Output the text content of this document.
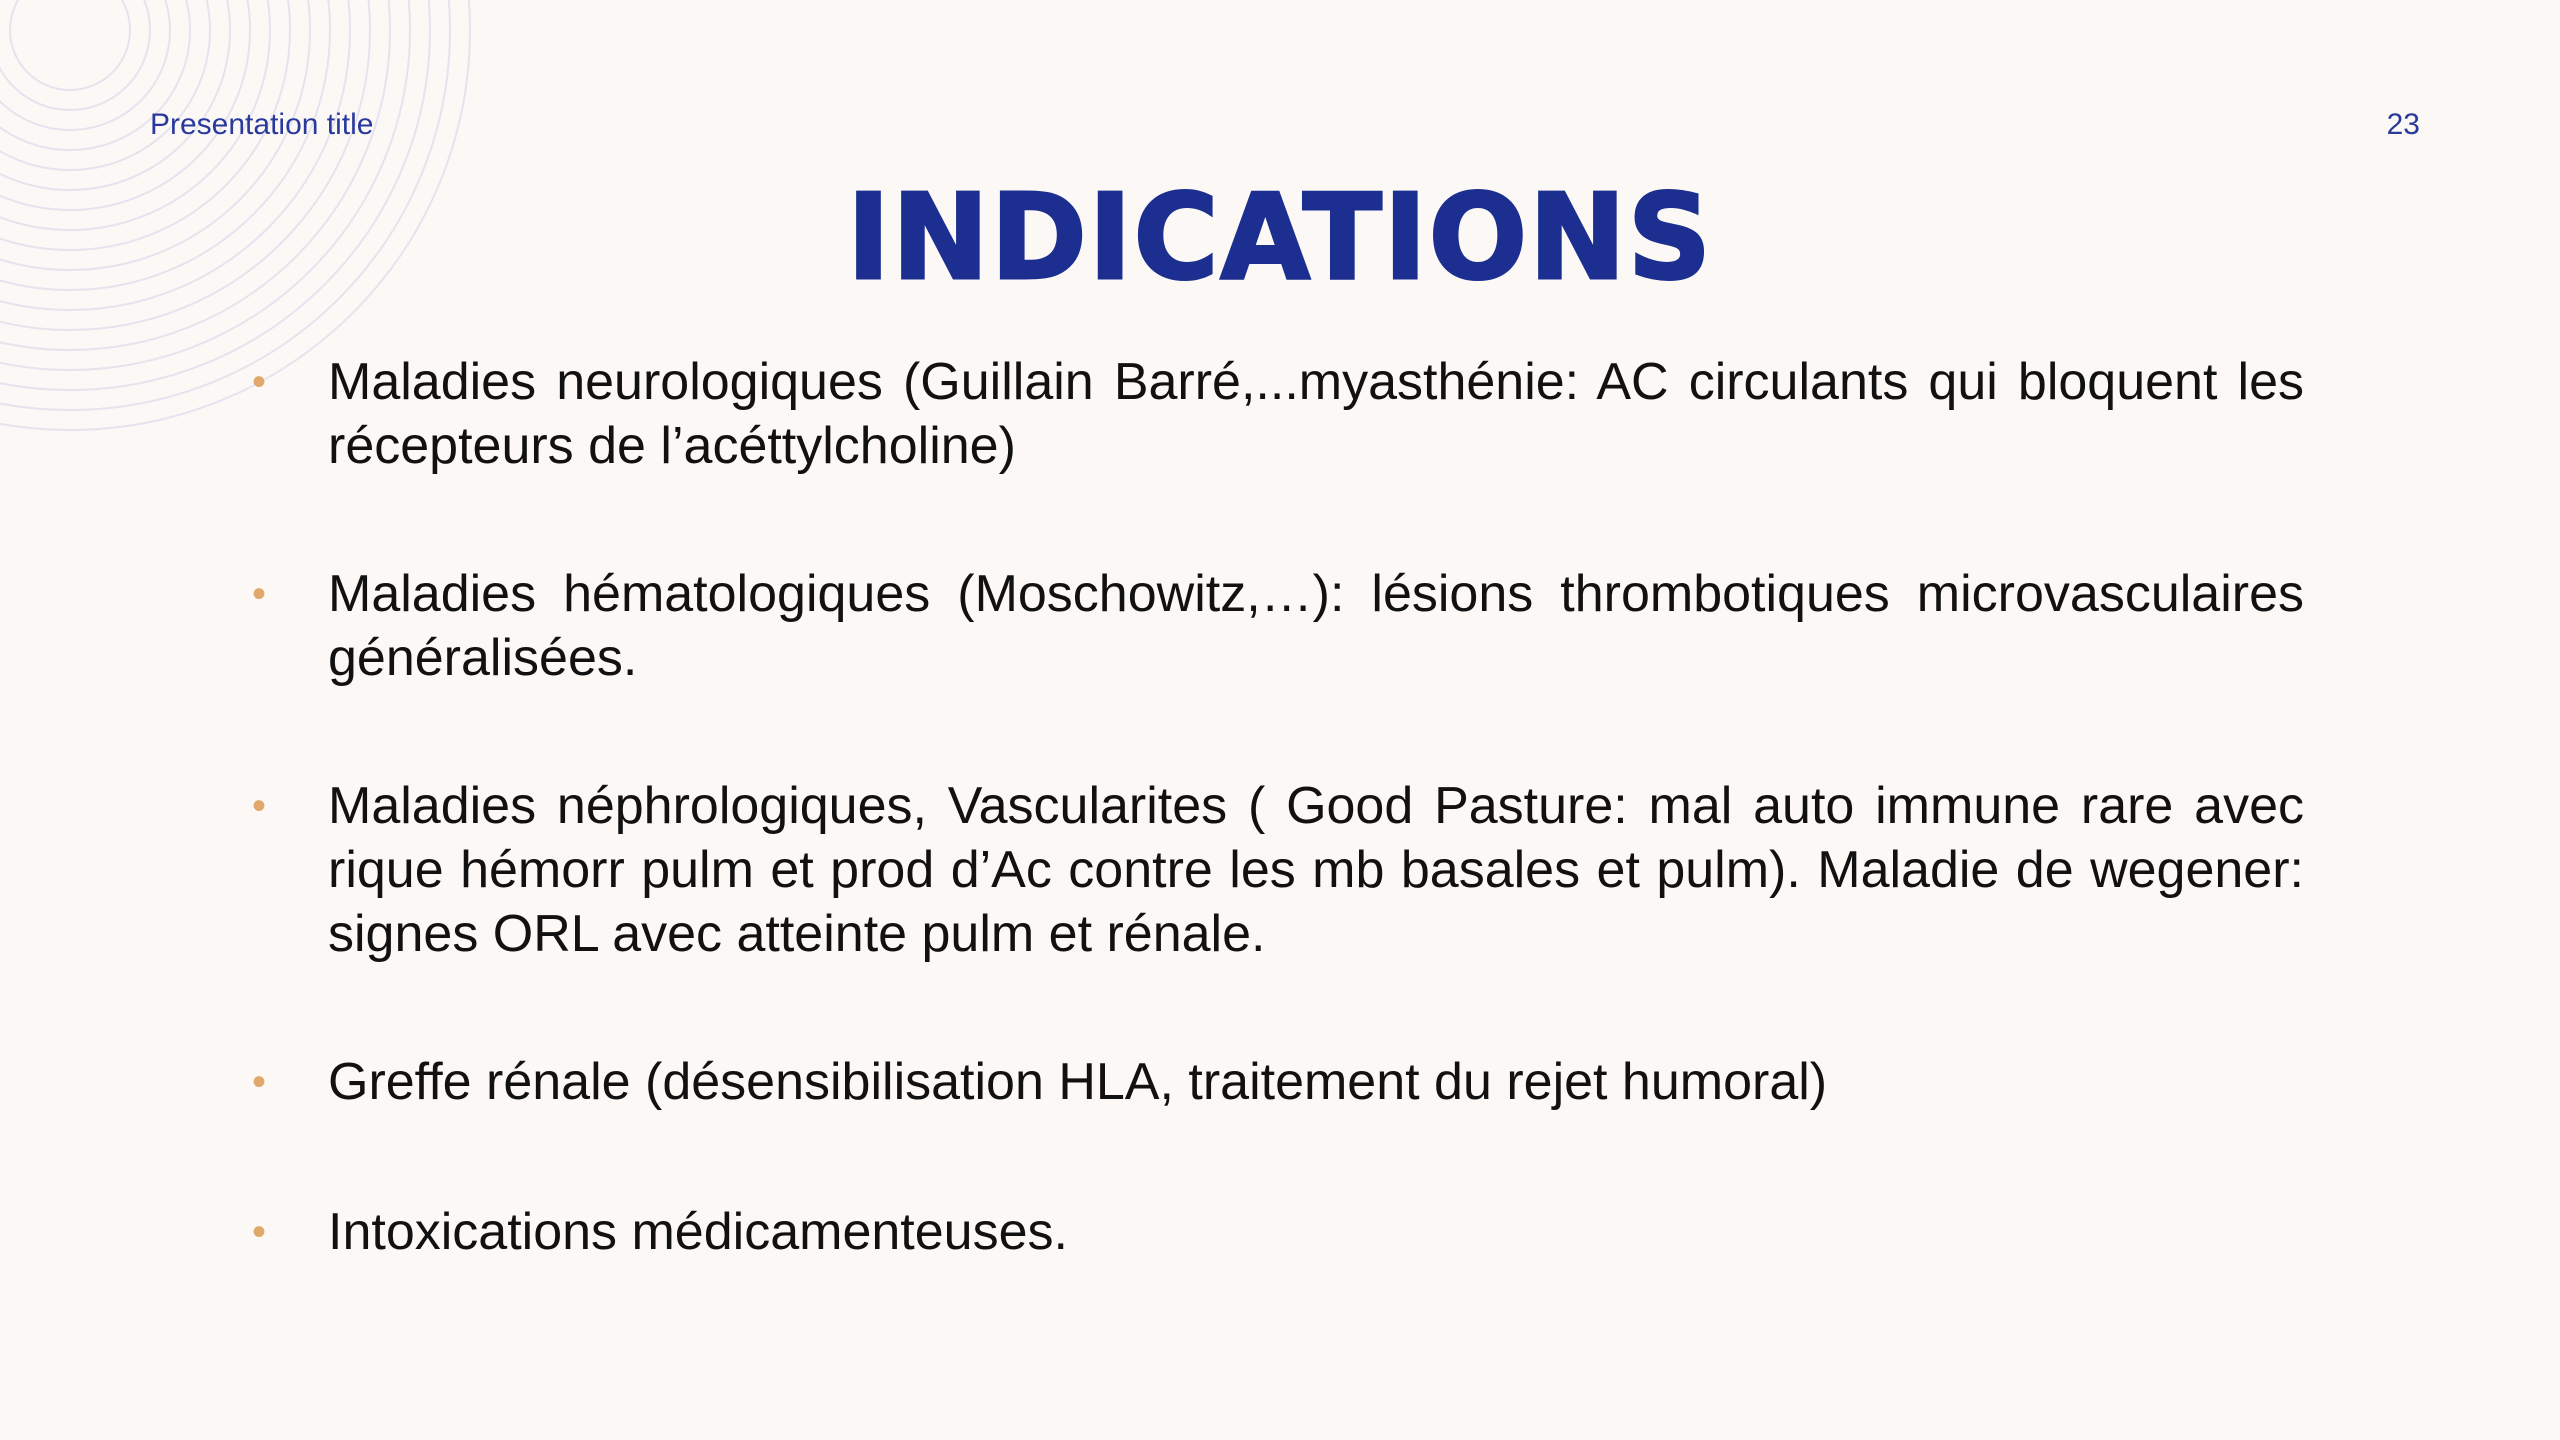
Presentation title	23
INDICATIONS
• Maladies neurologiques (Guillain Barré,...myasthénie: AC circulants qui bloquent les récepteurs de l’acéttylcholine)
• Maladies hématologiques (Moschowitz,…): lésions thrombotiques microvasculaires généralisées.
• Maladies néphrologiques, Vascularites ( Good Pasture: mal auto immune rare avec rique hémorr pulm et prod d’Ac contre les mb basales et pulm). Maladie de wegener: signes ORL avec atteinte pulm et rénale.
• Greffe rénale (désensibilisation HLA, traitement du rejet humoral)
• Intoxications médicamenteuses.
